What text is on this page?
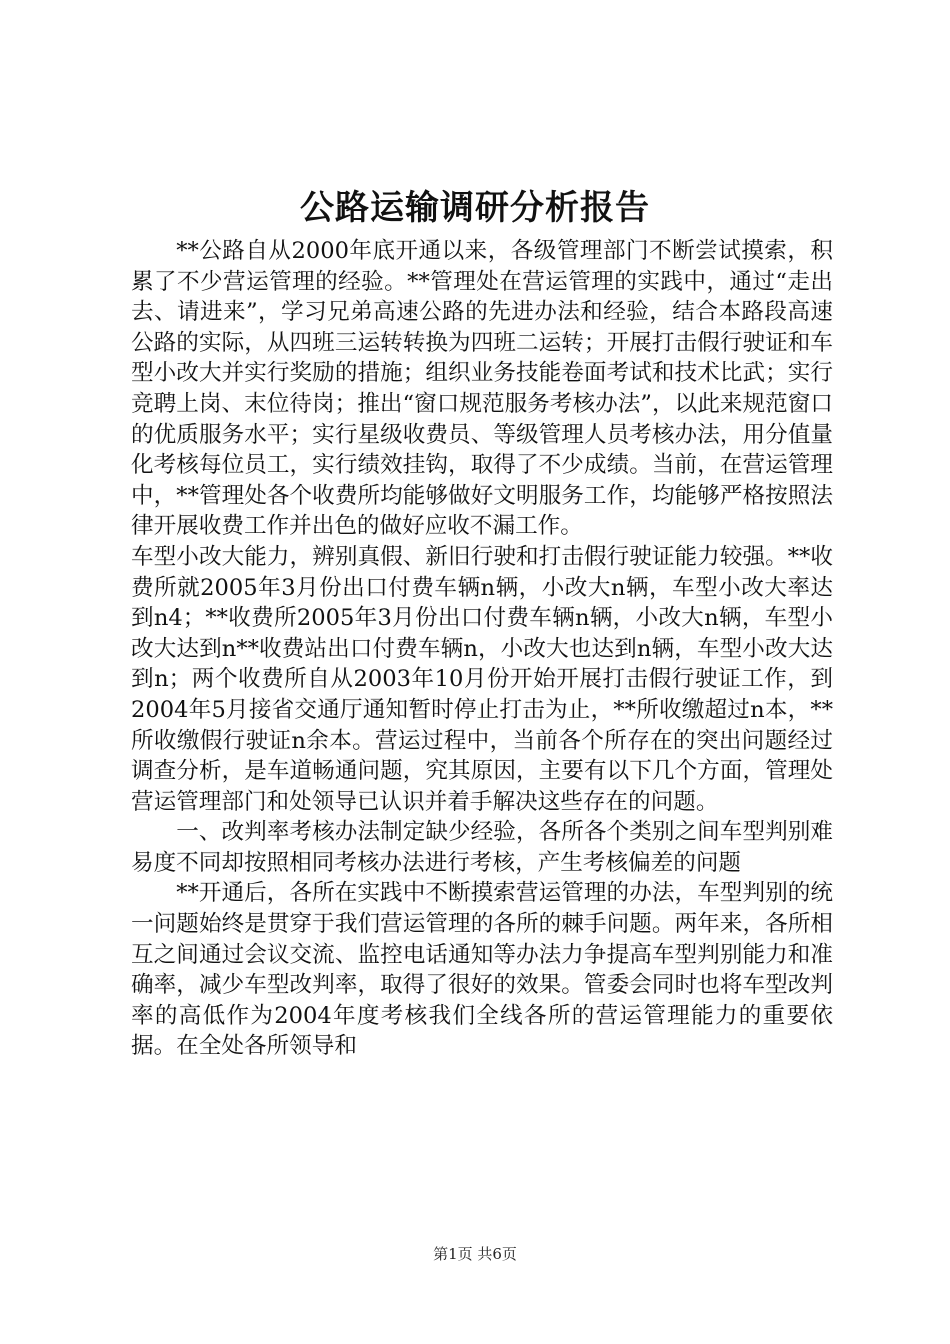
公路运输调研分析报告

**公路自从2000年底开通以来，各级管理部门不断尝试摸索，积累了不少营运管理的经验。**管理处在营运管理的实践中，通过“走出去、请进来”，学习兄弟高速公路的先进办法和经验，结合本路段高速公路的实际，从四班三运转转换为四班二运转；开展打击假行驶证和车型小改大并实行奖励的措施；组织业务技能卷面考试和技术比武；实行竞聘上岗、末位待岗；推出“窗口规范服务考核办法”，以此来规范窗口的优质服务水平；实行星级收费员、等级管理人员考核办法，用分值量化考核每位员工，实行绩效挂钩，取得了不少成绩。当前，在营运管理中，**管理处各个收费所均能够做好文明服务工作，均能够严格按照法律开展收费工作并出色的做好应收不漏工作。

车型小改大能力，辨别真假、新旧行驶和打击假行驶证能力较强。**收费所就2005年3月份出口付费车辆n辆，小改大n辆，车型小改大率达到n4；**收费所2005年3月份出口付费车辆n辆，小改大n辆，车型小改大达到n**收费站出口付费车辆n，小改大也达到n辆，车型小改大达到n；两个收费所自从2003年10月份开始开展打击假行驶证工作，到2004年5月接省交通厅通知暂时停止打击为止，**所收缴超过n本，**所收缴假行驶证n余本。营运过程中，当前各个所存在的突出问题经过调查分析，是车道畅通问题，究其原因，主要有以下几个方面，管理处营运管理部门和处领导已认识并着手解决这些存在的问题。

一、改判率考核办法制定缺少经验，各所各个类别之间车型判别难易度不同却按照相同考核办法进行考核，产生考核偏差的问题

**开通后，各所在实践中不断摸索营运管理的办法，车型判别的统一问题始终是贯穿于我们营运管理的各所的棘手问题。两年来，各所相互之间通过会议交流、监控电话通知等办法力争提高车型判别能力和准确率，减少车型改判率，取得了很好的效果。管委会同时也将车型改判率的高低作为2004年度考核我们全线各所的营运管理能力的重要依据。在全处各所领导和

第1页 共6页
